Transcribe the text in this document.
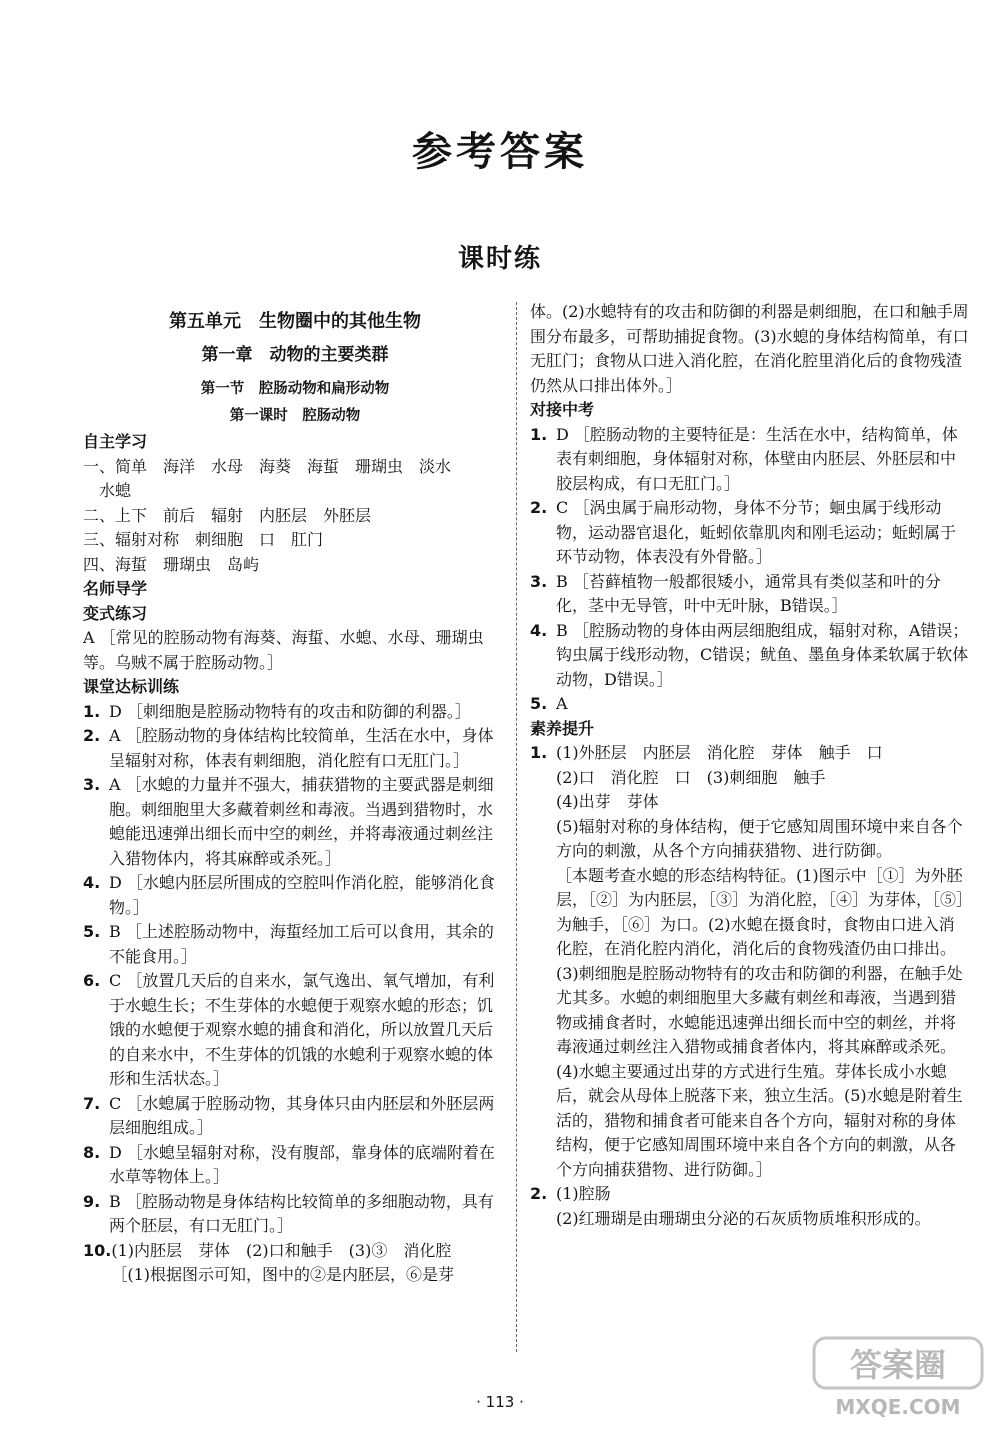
参考答案
课时练
第五单元　生物圈中的其他生物
第一章　动物的主要类群
第一节　腔肠动物和扁形动物
第一课时　腔肠动物
自主学习
一、简单　海洋　水母　海葵　海蜇　珊瑚虫　淡水
　水螅
二、上下　前后　辐射　内胚层　外胚层
三、辐射对称　刺细胞　口　肛门
四、海蜇　珊瑚虫　岛屿
名师导学
变式练习
A ［常见的腔肠动物有海葵、海蜇、水螅、水母、珊瑚虫等。乌贼不属于腔肠动物。］
课堂达标训练
1. D ［刺细胞是腔肠动物特有的攻击和防御的利器。］
2. A ［腔肠动物的身体结构比较简单，生活在水中，身体呈辐射对称，体表有刺细胞，消化腔有口无肛门。］
3. A ［水螅的力量并不强大，捕获猎物的主要武器是刺细胞。刺细胞里大多藏着刺丝和毒液。当遇到猎物时，水螅能迅速弹出细长而中空的刺丝，并将毒液通过刺丝注入猎物体内，将其麻醉或杀死。］
4. D ［水螅内胚层所围成的空腔叫作消化腔，能够消化食物。］
5. B ［上述腔肠动物中，海蜇经加工后可以食用，其余的不能食用。］
6. C ［放置几天后的自来水，氯气逸出、氧气增加，有利于水螅生长；不生芽体的水螅便于观察水螅的形态；饥饿的水螅便于观察水螅的捕食和消化，所以放置几天后的自来水中，不生芽体的饥饿的水螅利于观察水螅的体形和生活状态。］
7. C ［水螅属于腔肠动物，其身体只由内胚层和外胚层两层细胞组成。］
8. D ［水螅呈辐射对称，没有腹部，靠身体的底端附着在水草等物体上。］
9. B ［腔肠动物是身体结构比较简单的多细胞动物，具有两个胚层，有口无肛门。］
10. (1)内胚层　芽体　(2)口和触手　(3)③　消化腔
［(1)根据图示可知，图中的②是内胚层，⑥是芽
体。(2)水螅特有的攻击和防御的利器是刺细胞，在口和触手周围分布最多，可帮助捕捉食物。(3)水螅的身体结构简单，有口无肛门；食物从口进入消化腔，在消化腔里消化后的食物残渣仍然从口排出体外。］
对接中考
1. D ［腔肠动物的主要特征是：生活在水中，结构简单，体表有刺细胞，身体辐射对称，体壁由内胚层、外胚层和中胶层构成，有口无肛门。］
2. C ［涡虫属于扁形动物，身体不分节；蛔虫属于线形动物，运动器官退化，蚯蚓依靠肌肉和刚毛运动；蚯蚓属于环节动物，体表没有外骨骼。］
3. B ［苔藓植物一般都很矮小，通常具有类似茎和叶的分化，茎中无导管，叶中无叶脉，B错误。］
4. B ［腔肠动物的身体由两层细胞组成，辐射对称，A错误；钩虫属于线形动物，C错误；鱿鱼、墨鱼身体柔软属于软体动物，D错误。］
5. A
素养提升
1. (1)外胚层　内胚层　消化腔　芽体　触手　口
(2)口　消化腔　口　(3)刺细胞　触手
(4)出芽　芽体
(5)辐射对称的身体结构，便于它感知周围环境中来自各个方向的刺激，从各个方向捕获猎物、进行防御。
［本题考查水螅的形态结构特征。(1)图示中［①］为外胚层，［②］为内胚层，［③］为消化腔，［④］为芽体，［⑤］为触手，［⑥］为口。(2)水螅在摄食时，食物由口进入消化腔，在消化腔内消化，消化后的食物残渣仍由口排出。(3)刺细胞是腔肠动物特有的攻击和防御的利器，在触手处尤其多。水螅的刺细胞里大多藏有刺丝和毒液，当遇到猎物或捕食者时，水螅能迅速弹出细长而中空的刺丝，并将毒液通过刺丝注入猎物或捕食者体内，将其麻醉或杀死。(4)水螅主要通过出芽的方式进行生殖。芽体长成小水螅后，就会从母体上脱落下来，独立生活。(5)水螅是附着生活的，猎物和捕食者可能来自各个方向，辐射对称的身体结构，便于它感知周围环境中来自各个方向的刺激，从各个方向捕获猎物、进行防御。］
2. (1)腔肠
(2)红珊瑚是由珊瑚虫分泌的石灰质物质堆积形成的。
· 113 ·
答案圈
MXQE.COM
